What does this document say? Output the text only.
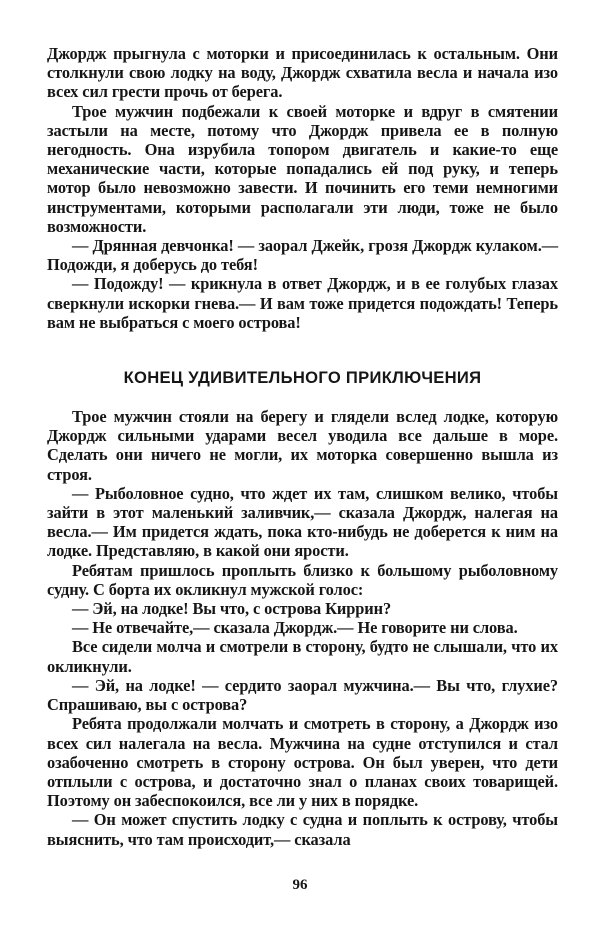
Джордж прыгнула с моторки и присоединилась к остальным. Они столкнули свою лодку на воду, Джордж схватила весла и начала изо всех сил грести прочь от берега.

Трое мужчин подбежали к своей моторке и вдруг в смятении застыли на месте, потому что Джордж привела ее в полную негодность. Она изрубила топором двигатель и какие-то еще механические части, которые попадались ей под руку, и теперь мотор было невозможно завести. И починить его теми немногими инструментами, которыми располагали эти люди, тоже не было возможности.

— Дрянная девчонка! — заорал Джейк, грозя Джордж кулаком.— Подожди, я доберусь до тебя!

— Подожду! — крикнула в ответ Джордж, и в ее голубых глазах сверкнули искорки гнева.— И вам тоже придется подождать! Теперь вам не выбраться с моего острова!

КОНЕЦ УДИВИТЕЛЬНОГО ПРИКЛЮЧЕНИЯ

Трое мужчин стояли на берегу и глядели вслед лодке, которую Джордж сильными ударами весел уводила все дальше в море. Сделать они ничего не могли, их моторка совершенно вышла из строя.

— Рыболовное судно, что ждет их там, слишком велико, чтобы зайти в этот маленький заливчик,— сказала Джордж, налегая на весла.— Им придется ждать, пока кто-нибудь не доберется к ним на лодке. Представляю, в какой они ярости.

Ребятам пришлось проплыть близко к большому рыболовному судну. С борта их окликнул мужской голос:

— Эй, на лодке! Вы что, с острова Киррин?

— Не отвечайте,— сказала Джордж.— Не говорите ни слова.

Все сидели молча и смотрели в сторону, будто не слышали, что их окликнули.

— Эй, на лодке! — сердито заорал мужчина.— Вы что, глухие? Спрашиваю, вы с острова?

Ребята продолжали молчать и смотреть в сторону, а Джордж изо всех сил налегала на весла. Мужчина на судне отступился и стал озабоченно смотреть в сторону острова. Он был уверен, что дети отплыли с острова, и достаточно знал о планах своих товарищей. Поэтому он забеспокоился, все ли у них в порядке.

— Он может спустить лодку с судна и поплыть к острову, чтобы выяснить, что там происходит,— сказала

96
